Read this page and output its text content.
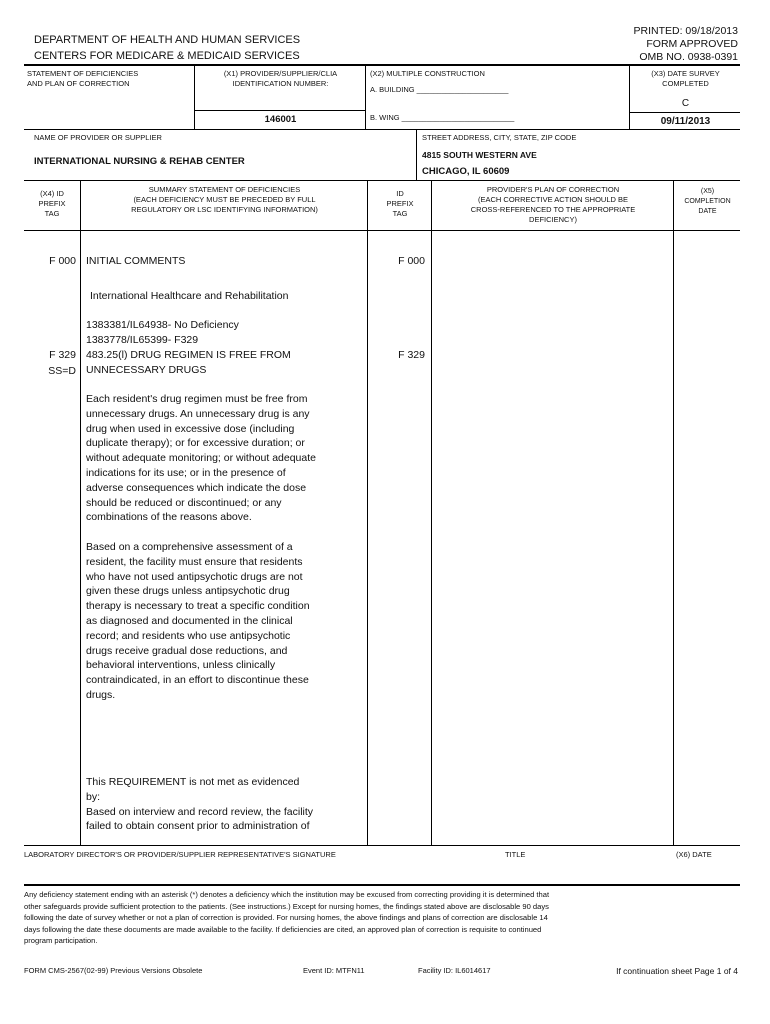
DEPARTMENT OF HEALTH AND HUMAN SERVICES
CENTERS FOR MEDICARE & MEDICAID SERVICES
PRINTED: 09/18/2013
FORM APPROVED
OMB NO. 0938-0391
STATEMENT OF DEFICIENCIES
AND PLAN OF CORRECTION
(X1) PROVIDER/SUPPLIER/CLIA
IDENTIFICATION NUMBER:
146001
(X2) MULTIPLE CONSTRUCTION
A. BUILDING ______________________
B. WING ___________________________
(X3) DATE SURVEY
COMPLETED
C
09/11/2013
NAME OF PROVIDER OR SUPPLIER
INTERNATIONAL NURSING & REHAB CENTER
STREET ADDRESS, CITY, STATE, ZIP CODE
4815 SOUTH WESTERN AVE
CHICAGO, IL 60609
(X4) ID
PREFIX
TAG
SUMMARY STATEMENT OF DEFICIENCIES
(EACH DEFICIENCY MUST BE PRECEDED BY FULL
REGULATORY OR LSC IDENTIFYING INFORMATION)
ID
PREFIX
TAG
PROVIDER'S PLAN OF CORRECTION
(EACH CORRECTIVE ACTION SHOULD BE
CROSS-REFERENCED TO THE APPROPRIATE
DEFICIENCY)
(X5)
COMPLETION
DATE
F 000 INITIAL COMMENTS	F 000
International Healthcare and Rehabilitation
1383381/IL64938- No Deficiency
1383778/IL65399- F329
F 329
SS=D
483.25(l) DRUG REGIMEN IS FREE FROM
UNNECESSARY DRUGS
F 329
Each resident's drug regimen must be free from
unnecessary drugs. An unnecessary drug is any
drug when used in excessive dose (including
duplicate therapy); or for excessive duration; or
without adequate monitoring; or without adequate
indications for its use; or in the presence of
adverse consequences which indicate the dose
should be reduced or discontinued; or any
combinations of the reasons above.
Based on a comprehensive assessment of a
resident, the facility must ensure that residents
who have not used antipsychotic drugs are not
given these drugs unless antipsychotic drug
therapy is necessary to treat a specific condition
as diagnosed and documented in the clinical
record; and residents who use antipsychotic
drugs receive gradual dose reductions, and
behavioral interventions, unless clinically
contraindicated, in an effort to discontinue these
drugs.
This REQUIREMENT is not met as evidenced
by:
Based on interview and record review, the facility
failed to obtain consent prior to administration of
LABORATORY DIRECTOR'S OR PROVIDER/SUPPLIER REPRESENTATIVE'S SIGNATURE	TITLE	(X6) DATE
Any deficiency statement ending with an asterisk (*) denotes a deficiency which the institution may be excused from correcting providing it is determined that
other safeguards provide sufficient protection to the patients. (See instructions.) Except for nursing homes, the findings stated above are disclosable 90 days
following the date of survey whether or not a plan of correction is provided. For nursing homes, the above findings and plans of correction are disclosable 14
days following the date these documents are made available to the facility. If deficiencies are cited, an approved plan of correction is requisite to continued
program participation.
FORM CMS-2567(02-99) Previous Versions Obsolete	Event ID: MTFN11	Facility ID: IL6014617	If continuation sheet Page 1 of 4
